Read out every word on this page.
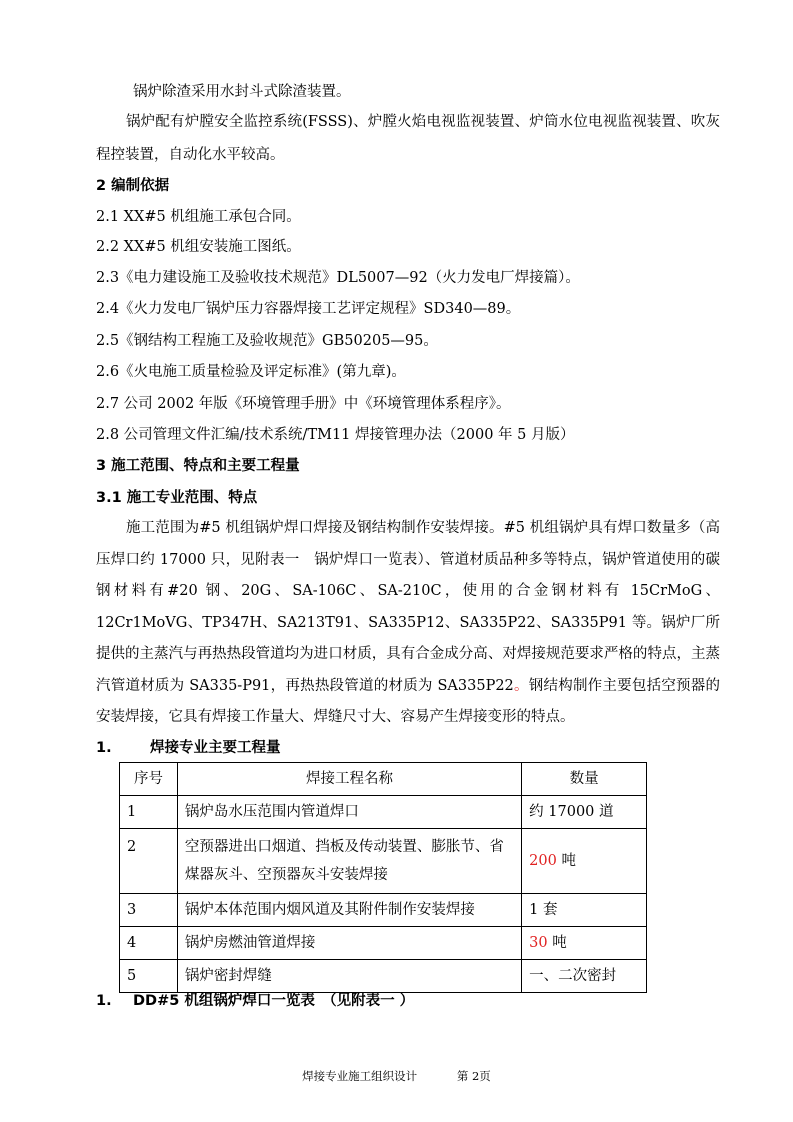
锅炉除渣采用水封斗式除渣装置。
锅炉配有炉膛安全监控系统(FSSS)、炉膛火焰电视监视装置、炉筒水位电视监视装置、吹灰程控装置，自动化水平较高。
2 编制依据
2.1 XX#5 机组施工承包合同。
2.2 XX#5 机组安装施工图纸。
2.3《电力建设施工及验收技术规范》DL5007—92（火力发电厂焊接篇）。
2.4《火力发电厂锅炉压力容器焊接工艺评定规程》SD340—89。
2.5《钢结构工程施工及验收规范》GB50205—95。
2.6《火电施工质量检验及评定标准》(第九章)。
2.7 公司 2002 年版《环境管理手册》中《环境管理体系程序》。
2.8 公司管理文件汇编/技术系统/TM11 焊接管理办法（2000 年 5 月版）
3 施工范围、特点和主要工程量
3.1 施工专业范围、特点
施工范围为#5 机组锅炉焊口焊接及钢结构制作安装焊接。#5 机组锅炉具有焊口数量多（高压焊口约 17000 只，见附表一　锅炉焊口一览表）、管道材质品种多等特点，锅炉管道使用的碳钢材料有#20 钢、20G、SA-106C、SA-210C，使用的合金钢材料有 15CrMoG、12Cr1MoVG、TP347H、SA213T91、SA335P12、SA335P22、SA335P91 等。锅炉厂所提供的主蒸汽与再热热段管道均为进口材质，具有合金成分高、对焊接规范要求严格的特点，主蒸汽管道材质为 SA335-P91，再热热段管道的材质为 SA335P22。钢结构制作主要包括空预器的安装焊接，它具有焊接工作量大、焊缝尺寸大、容易产生焊接变形的特点。
1.	焊接专业主要工程量
序号	焊接工程名称	数量
1	锅炉岛水压范围内管道焊口	约 17000 道
2	空预器进出口烟道、挡板及传动装置、膨胀节、省煤器灰斗、空预器灰斗安装焊接	200 吨
3	锅炉本体范围内烟风道及其附件制作安装焊接	1 套
4	锅炉房燃油管道焊接	30 吨
5	锅炉密封焊缝	一、二次密封
1. DD#5 机组锅炉焊口一览表　（见附表一 ）
焊接专业施工组织设计	第 2页
